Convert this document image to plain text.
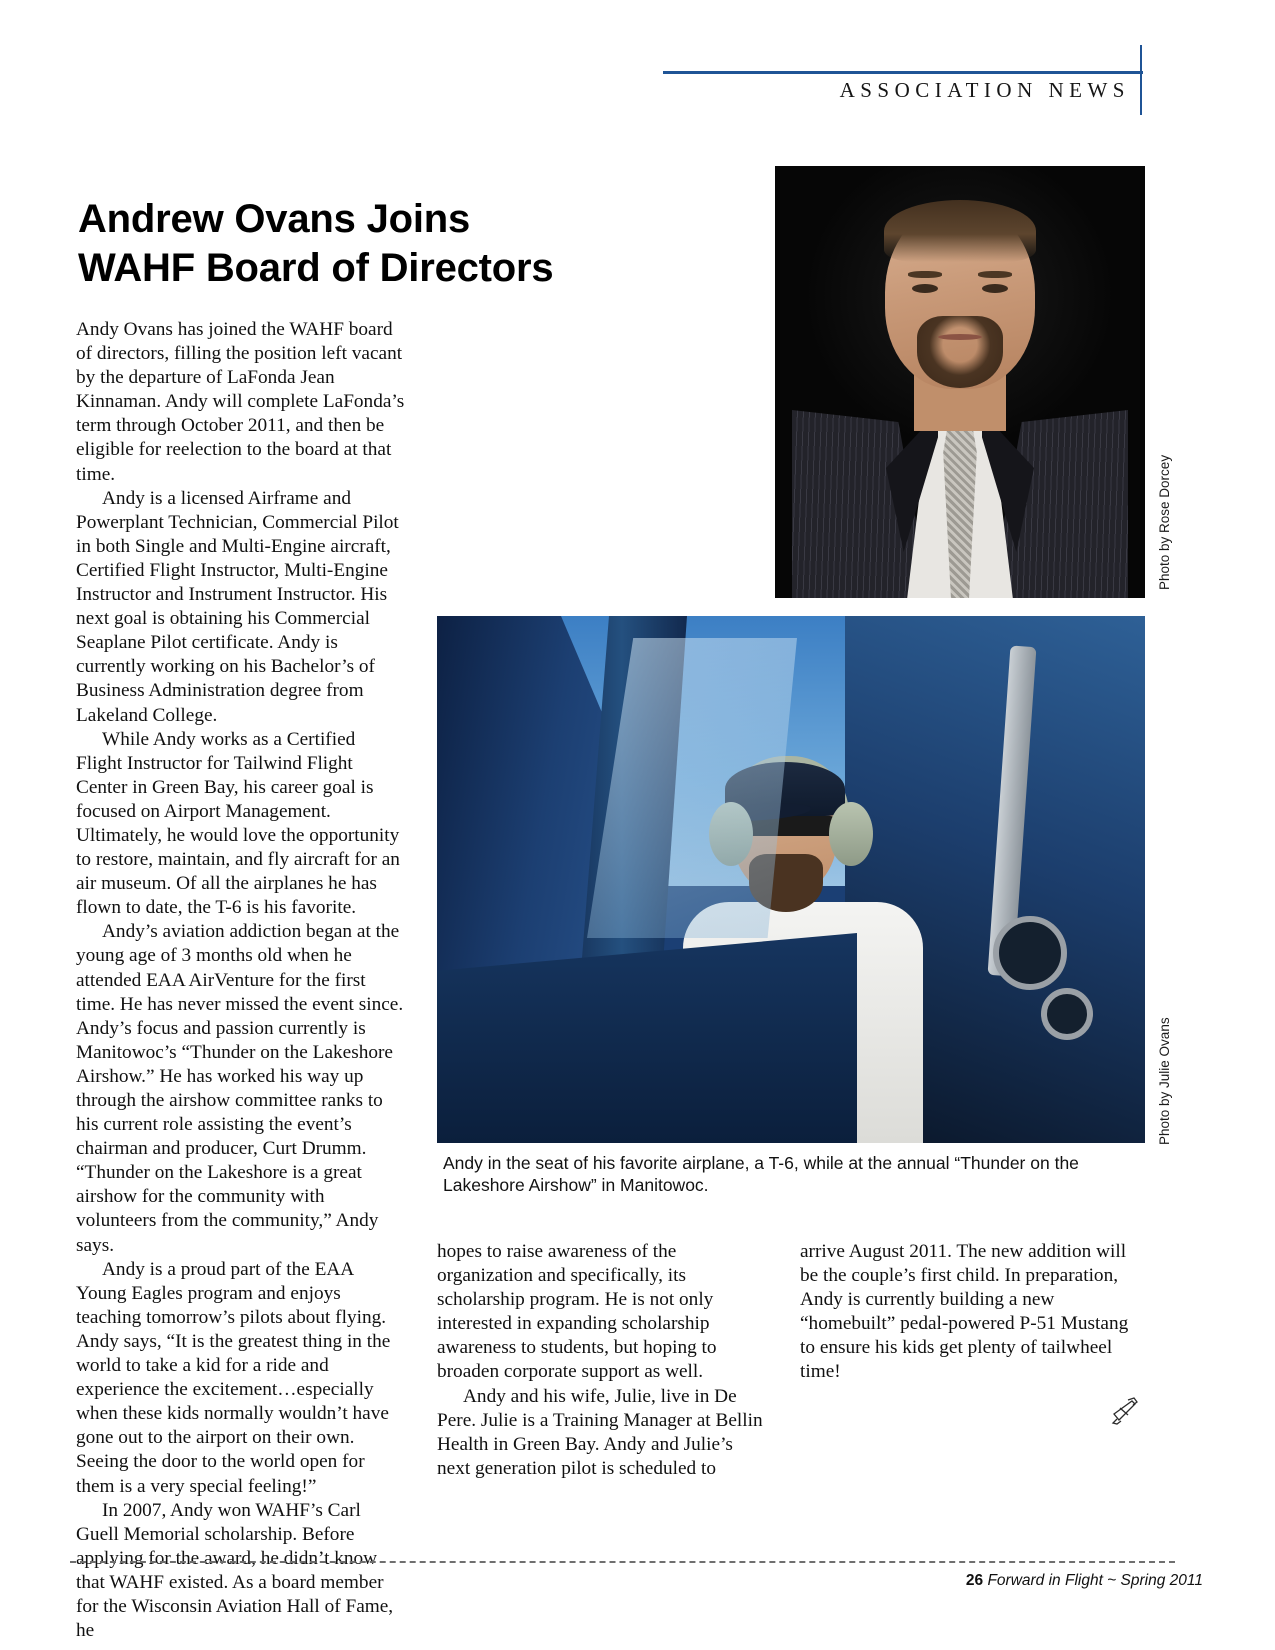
ASSOCIATION NEWS
Andrew Ovans Joins
WAHF Board of Directors

Andy Ovans has joined the WAHF board of directors, filling the position left vacant by the departure of LaFonda Jean Kinnaman. Andy will complete LaFonda’s term through October 2011, and then be eligible for reelection to the board at that time.

Andy is a licensed Airframe and Powerplant Technician, Commercial Pilot in both Single and Multi-Engine aircraft, Certified Flight Instructor, Multi-Engine Instructor and Instrument Instructor. His next goal is obtaining his Commercial Seaplane Pilot certificate. Andy is currently working on his Bachelor’s of Business Administration degree from Lakeland College.

While Andy works as a Certified Flight Instructor for Tailwind Flight Center in Green Bay, his career goal is focused on Airport Management. Ultimately, he would love the opportunity to restore, maintain, and fly aircraft for an air museum. Of all the airplanes he has flown to date, the T-6 is his favorite.

Andy’s aviation addiction began at the young age of 3 months old when he attended EAA AirVenture for the first time. He has never missed the event since. Andy’s focus and passion currently is Manitowoc’s “Thunder on the Lakeshore Airshow.” He has worked his way up through the airshow committee ranks to his current role assisting the event’s chairman and producer, Curt Drumm. “Thunder on the Lakeshore is a great airshow for the community with volunteers from the community,” Andy says.

Andy is a proud part of the EAA Young Eagles program and enjoys teaching tomorrow’s pilots about flying. Andy says, “It is the greatest thing in the world to take a kid for a ride and experience the excitement…especially when these kids normally wouldn’t have gone out to the airport on their own. Seeing the door to the world open for them is a very special feeling!”

In 2007, Andy won WAHF’s Carl Guell Memorial scholarship. Before applying for the award, he didn’t know that WAHF existed. As a board member for the Wisconsin Aviation Hall of Fame, he

hopes to raise awareness of the organization and specifically, its scholarship program. He is not only interested in expanding scholarship awareness to students, but hoping to broaden corporate support as well.

Andy and his wife, Julie, live in De Pere. Julie is a Training Manager at Bellin Health in Green Bay. Andy and Julie’s next generation pilot is scheduled to

arrive August 2011. The new addition will be the couple’s first child. In preparation, Andy is currently building a new “homebuilt” pedal-powered P-51 Mustang to ensure his kids get plenty of tailwheel time!

Photo by Rose Dorcey
Photo by Julie Ovans
Andy in the seat of his favorite airplane, a T-6, while at the annual “Thunder on the Lakeshore Airshow” in Manitowoc.
26 Forward in Flight ~ Spring 2011
